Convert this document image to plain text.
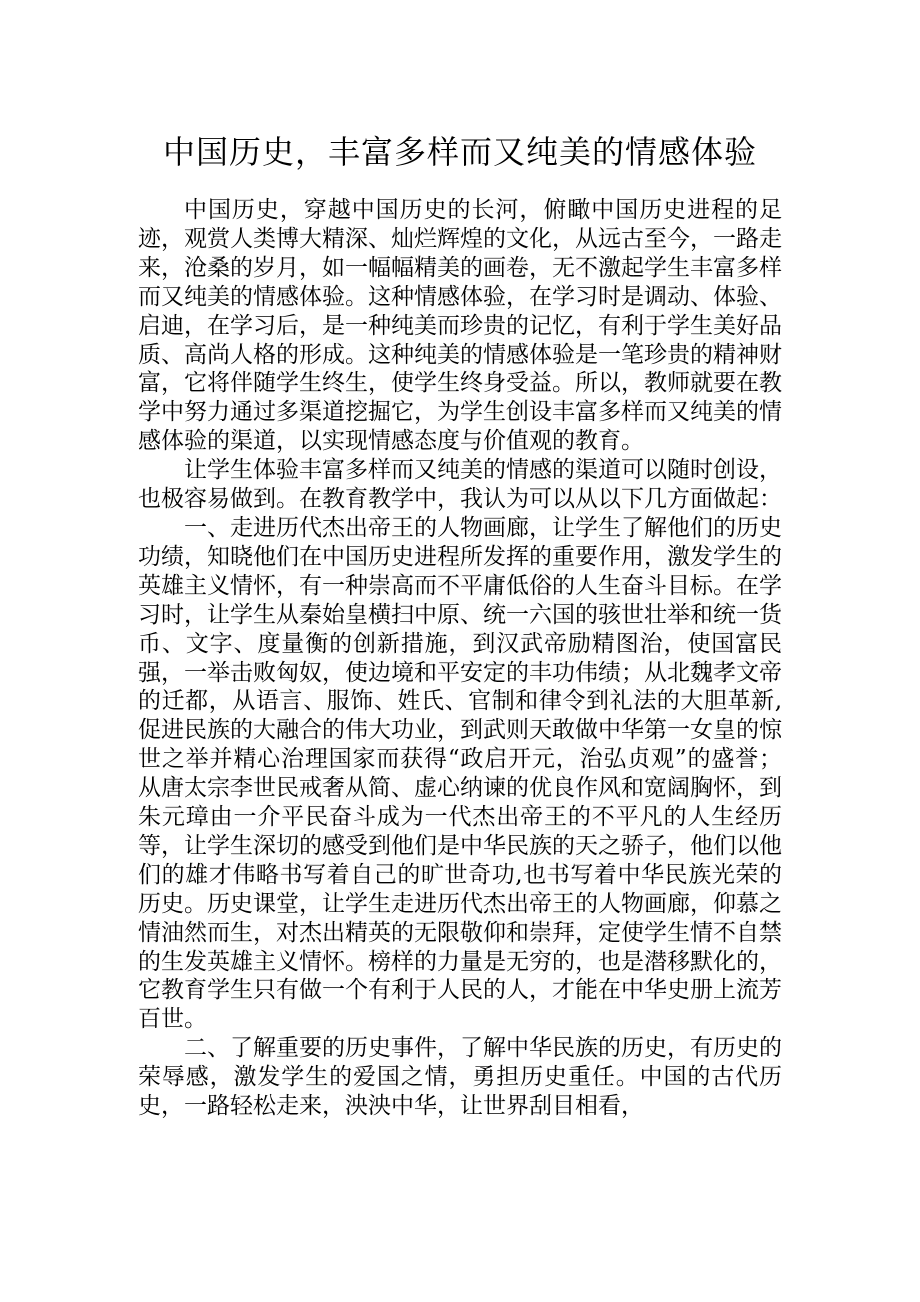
中国历史，丰富多样而又纯美的情感体验

中国历史，穿越中国历史的长河，俯瞰中国历史进程的足迹，观赏人类博大精深、灿烂辉煌的文化，从远古至今，一路走来，沧桑的岁月，如一幅幅精美的画卷，无不激起学生丰富多样而又纯美的情感体验。这种情感体验，在学习时是调动、体验、启迪，在学习后，是一种纯美而珍贵的记忆，有利于学生美好品质、高尚人格的形成。这种纯美的情感体验是一笔珍贵的精神财富，它将伴随学生终生，使学生终身受益。所以，教师就要在教学中努力通过多渠道挖掘它，为学生创设丰富多样而又纯美的情感体验的渠道，以实现情感态度与价值观的教育。

让学生体验丰富多样而又纯美的情感的渠道可以随时创设，也极容易做到。在教育教学中，我认为可以从以下几方面做起：

一、走进历代杰出帝王的人物画廊，让学生了解他们的历史功绩，知晓他们在中国历史进程所发挥的重要作用，激发学生的英雄主义情怀，有一种崇高而不平庸低俗的人生奋斗目标。在学习时，让学生从秦始皇横扫中原、统一六国的骇世壮举和统一货币、文字、度量衡的创新措施，到汉武帝励精图治，使国富民强，一举击败匈奴，使边境和平安定的丰功伟绩；从北魏孝文帝的迁都，从语言、服饰、姓氏、官制和律令到礼法的大胆革新,促进民族的大融合的伟大功业，到武则天敢做中华第一女皇的惊世之举并精心治理国家而获得“政启开元，治弘贞观”的盛誉；从唐太宗李世民戒奢从简、虚心纳谏的优良作风和宽阔胸怀，到朱元璋由一介平民奋斗成为一代杰出帝王的不平凡的人生经历等，让学生深切的感受到他们是中华民族的天之骄子，他们以他们的雄才伟略书写着自己的旷世奇功,也书写着中华民族光荣的历史。历史课堂，让学生走进历代杰出帝王的人物画廊，仰慕之情油然而生，对杰出精英的无限敬仰和崇拜，定使学生情不自禁的生发英雄主义情怀。榜样的力量是无穷的，也是潜移默化的，它教育学生只有做一个有利于人民的人，才能在中华史册上流芳百世。

二、了解重要的历史事件，了解中华民族的历史，有历史的荣辱感，激发学生的爱国之情，勇担历史重任。中国的古代历史，一路轻松走来，泱泱中华，让世界刮目相看，
